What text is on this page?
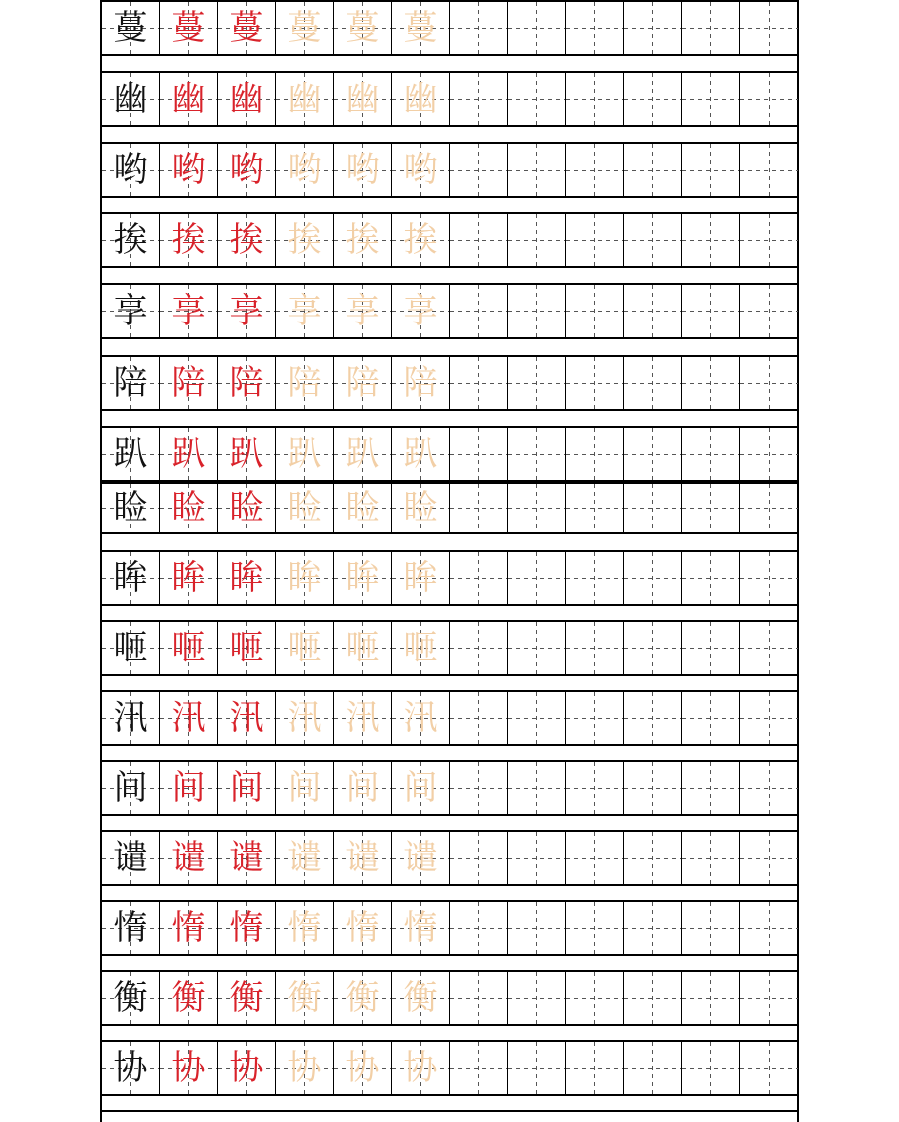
蔓 蔓 蔓 蔓 蔓 蔓
幽 幽 幽 幽 幽 幽
哟 哟 哟 哟 哟 哟
挨 挨 挨 挨 挨 挨
享 享 享 享 享 享
陪 陪 陪 陪 陪 陪
趴 趴 趴 趴 趴 趴
睑 睑 睑 睑 睑 睑
眸 眸 眸 眸 眸 眸
咂 咂 咂 咂 咂 咂
汛 汛 汛 汛 汛 汛
间 间 间 间 间 间
谴 谴 谴 谴 谴 谴
惰 惰 惰 惰 惰 惰
衡 衡 衡 衡 衡 衡
协 协 协 协 协 协
